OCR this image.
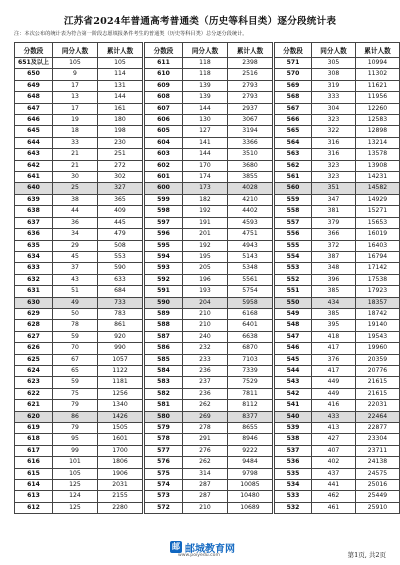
江苏省2024年普通高考普通类（历史等科目类）逐分段统计表
注：本次公布的统计表为符合第一阶段志愿填报条件考生的普通类（历史等科目类）总分逐分段统计。
分数段	同分人数	累计人数
651及以上	105	105
650	9	114
649	17	131
648	13	144
647	17	161
646	19	180
645	18	198
644	33	230
643	21	251
642	21	272
641	30	302
640	25	327
639	38	365
638	44	409
637	36	445
636	34	479
635	29	508
634	45	553
633	37	590
632	43	633
631	51	684
630	49	733
629	50	783
628	78	861
627	59	920
626	70	990
625	67	1057
624	65	1122
623	59	1181
622	75	1256
621	79	1340
620	86	1426
619	79	1505
618	95	1601
617	99	1700
616	101	1806
615	105	1906
614	125	2031
613	124	2155
612	125	2280
分数段	同分人数	累计人数
611	118	2398
610	118	2516
609	139	2793
608	139	2793
607	144	2937
606	130	3067
605	127	3194
604	141	3366
603	144	3510
602	170	3680
601	174	3855
600	173	4028
599	182	4210
598	192	4402
597	191	4593
596	201	4751
595	192	4943
594	195	5143
593	205	5348
592	196	5561
591	193	5754
590	204	5958
589	210	6168
588	210	6401
587	240	6638
586	232	6870
585	233	7103
584	236	7339
583	237	7529
582	236	7811
581	262	8112
580	269	8377
579	278	8655
578	291	8946
577	276	9222
576	262	9484
575	314	9798
574	287	10085
573	287	10480
572	210	10689
分数段	同分人数	累计人数
571	305	10994
570	308	11302
569	319	11621
568	333	11956
567	304	12260
566	323	12583
565	322	12898
564	316	13214
563	316	13578
562	323	13908
561	323	14231
560	351	14582
559	347	14929
558	381	15271
557	379	15653
556	366	16019
555	372	16403
554	387	16794
553	348	17142
552	396	17538
551	385	17923
550	434	18357
549	385	18742
548	395	19140
547	418	19543
546	417	19960
545	376	20359
544	417	20776
543	449	21615
542	449	21615
541	416	22031
540	433	22464
539	413	22877
538	427	23304
537	407	23711
536	402	24138
535	437	24575
534	441	25016
533	462	25449
532	461	25910
邮 邮城教育网
www.poiyedu.com	第1页, 共2页
